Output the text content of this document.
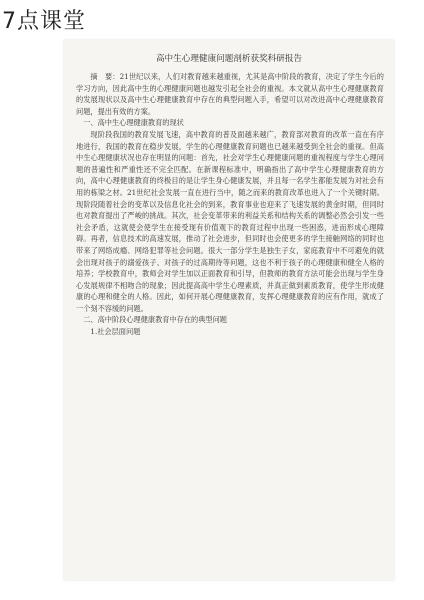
7点课堂
高中生心理健康问题剖析获奖科研报告

摘　要：21世纪以来，人们对教育越来越重视，尤其是高中阶段的教育，决定了学生今后的学习方向，因此高中生的心理健康问题也越发引起全社会的重视。本文就从高中生心理健康教育的发展现状以及高中生心理健康教育中存在的典型问题入手，希望可以对改进高中心理健康教育问题，提出有效的方案。

一、高中生心理健康教育的现状

现阶段我国的教育发展飞速，高中教育的普及面越来越广，教育部对教育的改革一直在有序地进行，我国的教育在稳步发展，学生的心理健康教育问题也已越来越受到全社会的重视。但高中生心理健康状况也存在明显的问题：首先，社会对学生心理健康问题的重视程度与学生心理问题的普遍性和严重性还不完全匹配。在新课程标准中，明确指出了高中学生心理健康教育的方向，高中心理健康教育的终极目的是让学生身心健康发展，并且每一名学生都能发展为对社会有用的栋梁之材。21世纪社会发展一直在进行当中，随之而来的教育改革也进入了一个关键时期。现阶段随着社会的变革以及信息化社会的到来，教育事业也迎来了飞速发展的黄金时期，但同时也对教育提出了严峻的挑战。其次，社会变革带来的利益关系和结构关系的调整必然会引发一些社会矛盾，这就使会使学生在接受现有价值观下的教育过程中出现一些困惑，进而形成心理障碍。再者，信息技术的高速发展，推动了社会进步，但同时也会使更多的学生接触网络的同时也带来了网络成瘾、网络犯罪等社会问题。很大一部分学生是独生子女，家庭教育中不可避免的就会出现对孩子的溺爱孩子、对孩子的过高期待等问题，这也不利于孩子的心理健康和健全人格的培养；学校教育中，教师会对学生加以正面教育和引导，但教师的教育方法可能会出现与学生身心发展规律不相吻合的现象；因此提高高中学生心理素质，并真正做到素质教育，使学生形成健康的心理和健全的人格。因此，如何开展心理健康教育，发挥心理健康教育的应有作用，就成了一个刻不容缓的问题。

二、高中阶段心理健康教育中存在的典型问题

1.社会层面问题
